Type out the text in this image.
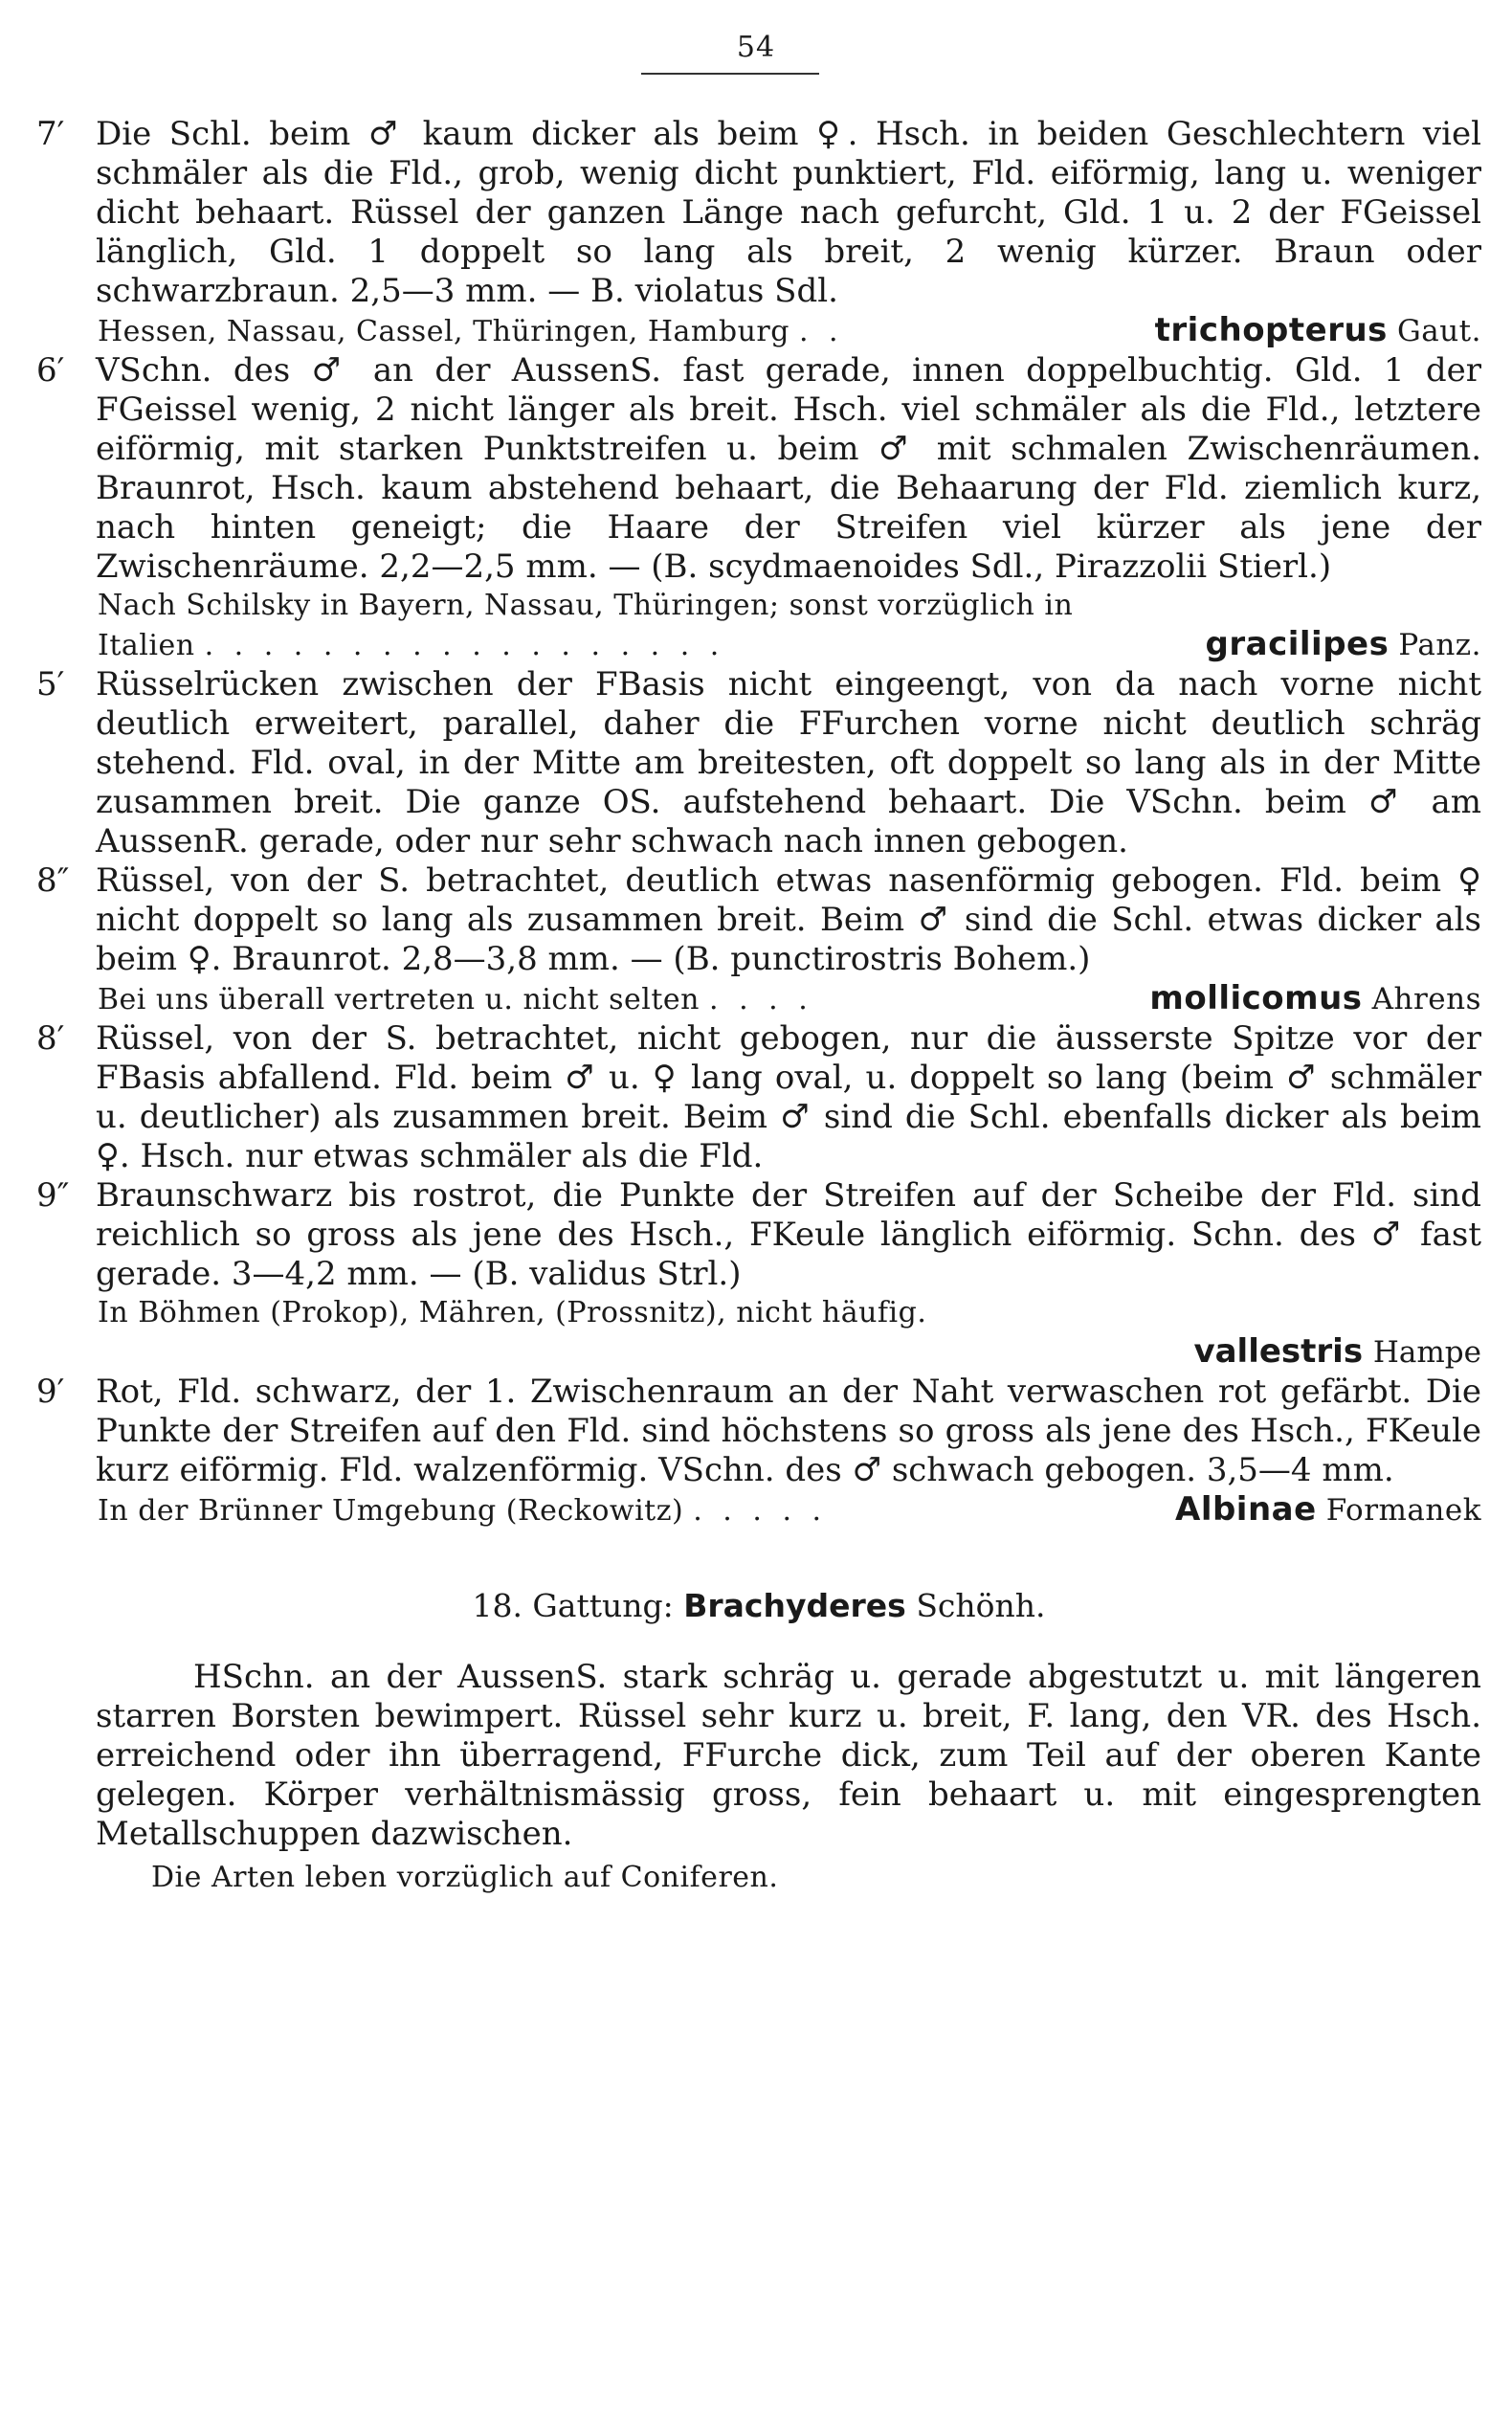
54
7′ Die Schl. beim ♂ kaum dicker als beim ♀. Hsch. in beiden Geschlechtern viel schmäler als die Fld., grob, wenig dicht punktiert, Fld. eiförmig, lang u. weniger dicht behaart. Rüssel der ganzen Länge nach gefurcht, Gld. 1 u. 2 der FGeissel länglich, Gld. 1 doppelt so lang als breit, 2 wenig kürzer. Braun oder schwarzbraun. 2,5—3 mm. — B. violatus Sdl.
Hessen, Nassau, Cassel, Thüringen, Hamburg . .	trichopterus
Gaut.
6′ VSchn. des ♂ an der AussenS. fast gerade, innen doppelbuchtig. Gld. 1 der FGeissel wenig, 2 nicht länger als breit. Hsch. viel schmäler als die Fld., letztere eiförmig, mit starken Punktstreifen u. beim ♂ mit schmalen Zwischenräumen. Braunrot, Hsch. kaum abstehend behaart, die Behaarung der Fld. ziemlich kurz, nach hinten geneigt; die Haare der Streifen viel kürzer als jene der Zwischenräume. 2,2—2,5 mm. — (B. scydmaenoides Sdl., Pirazzolii Stierl.)
Nach Schilsky in Bayern, Nassau, Thüringen; sonst vorzüglich in
Italien . . . . . . . . . . . . . . . . . .	gracilipes
Panz.
5′ Rüsselrücken zwischen der FBasis nicht eingeengt, von da nach vorne nicht deutlich erweitert, parallel, daher die FFurchen vorne nicht deutlich schräg stehend. Fld. oval, in der Mitte am breitesten, oft doppelt so lang als in der Mitte zusammen breit. Die ganze OS. aufstehend behaart. Die VSchn. beim ♂ am AussenR. gerade, oder nur sehr schwach nach innen gebogen.
8″ Rüssel, von der S. betrachtet, deutlich etwas nasenförmig gebogen. Fld. beim ♀ nicht doppelt so lang als zusammen breit. Beim ♂ sind die Schl. etwas dicker als beim ♀. Braunrot. 2,8—3,8 mm. — (B. punctirostris Bohem.)
Bei uns überall vertreten u. nicht selten . . . .	mollicomus
Ahrens
8′ Rüssel, von der S. betrachtet, nicht gebogen, nur die äusserste Spitze vor der FBasis abfallend. Fld. beim ♂ u. ♀ lang oval, u. doppelt so lang (beim ♂ schmäler u. deutlicher) als zusammen breit. Beim ♂ sind die Schl. ebenfalls dicker als beim ♀. Hsch. nur etwas schmäler als die Fld.
9″ Braunschwarz bis rostrot, die Punkte der Streifen auf der Scheibe der Fld. sind reichlich so gross als jene des Hsch., FKeule länglich eiförmig. Schn. des ♂ fast gerade. 3—4,2 mm. — (B. validus Strl.)
In Böhmen (Prokop), Mähren, (Prossnitz), nicht häufig.
vallestris Hampe
9′ Rot, Fld. schwarz, der 1. Zwischenraum an der Naht verwaschen rot gefärbt. Die Punkte der Streifen auf den Fld. sind höchstens so gross als jene des Hsch., FKeule kurz eiförmig. Fld. walzenförmig. VSchn. des ♂ schwach gebogen. 3,5—4 mm.
In der Brünner Umgebung (Reckowitz) . . . . .	Albinae
Formanek
18. Gattung: Brachyderes Schönh.
HSchn. an der AussenS. stark schräg u. gerade abgestutzt u. mit längeren starren Borsten bewimpert. Rüssel sehr kurz u. breit, F. lang, den VR. des Hsch. erreichend oder ihn überragend, FFurche dick, zum Teil auf der oberen Kante gelegen. Körper verhältnismässig gross, fein behaart u. mit eingesprengten Metallschuppen dazwischen.
Die Arten leben vorzüglich auf Coniferen.
